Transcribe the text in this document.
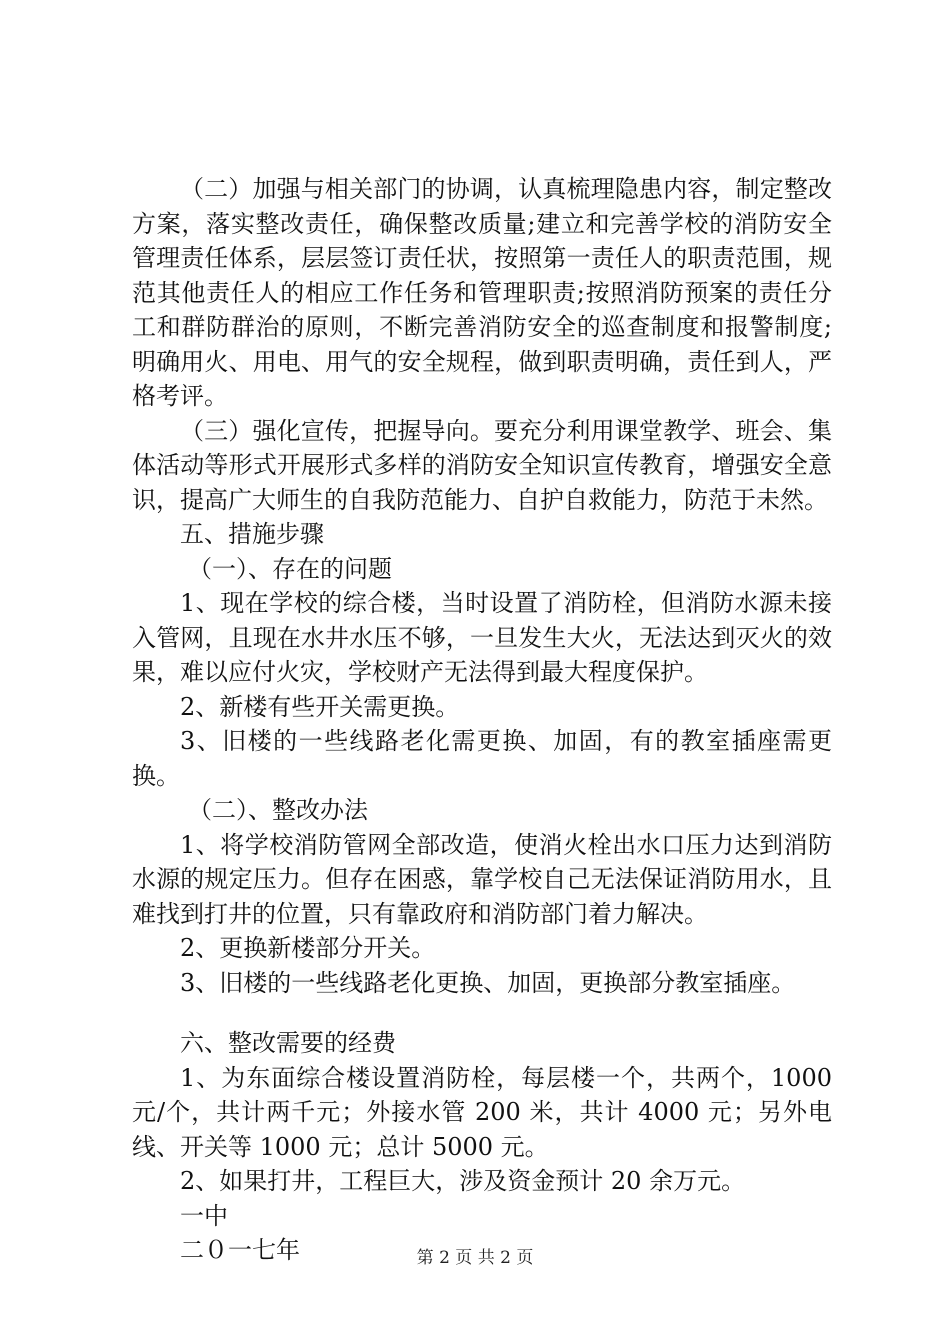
（二）加强与相关部门的协调，认真梳理隐患内容，制定整改方案，落实整改责任，确保整改质量;建立和完善学校的消防安全管理责任体系，层层签订责任状，按照第一责任人的职责范围，规范其他责任人的相应工作任务和管理职责;按照消防预案的责任分工和群防群治的原则，不断完善消防安全的巡查制度和报警制度;明确用火、用电、用气的安全规程，做到职责明确，责任到人，严格考评。

（三）强化宣传，把握导向。要充分利用课堂教学、班会、集体活动等形式开展形式多样的消防安全知识宣传教育，增强安全意识，提高广大师生的自我防范能力、自护自救能力，防范于未然。

五、措施步骤

（一）、存在的问题

1、现在学校的综合楼，当时设置了消防栓，但消防水源未接入管网，且现在水井水压不够，一旦发生大火，无法达到灭火的效果，难以应付火灾，学校财产无法得到最大程度保护。

2、新楼有些开关需更换。

3、旧楼的一些线路老化需更换、加固，有的教室插座需更换。

（二）、整改办法

1、将学校消防管网全部改造，使消火栓出水口压力达到消防水源的规定压力。但存在困惑，靠学校自己无法保证消防用水，且难找到打井的位置，只有靠政府和消防部门着力解决。

2、更换新楼部分开关。

3、旧楼的一些线路老化更换、加固，更换部分教室插座。

六、整改需要的经费

1、为东面综合楼设置消防栓，每层楼一个，共两个，1000元/个，共计两千元；外接水管 200 米，共计 4000 元；另外电线、开关等 1000 元；总计 5000 元。

2、如果打井，工程巨大，涉及资金预计 20 余万元。

一中

二０一七年	第 2 页 共 2 页
